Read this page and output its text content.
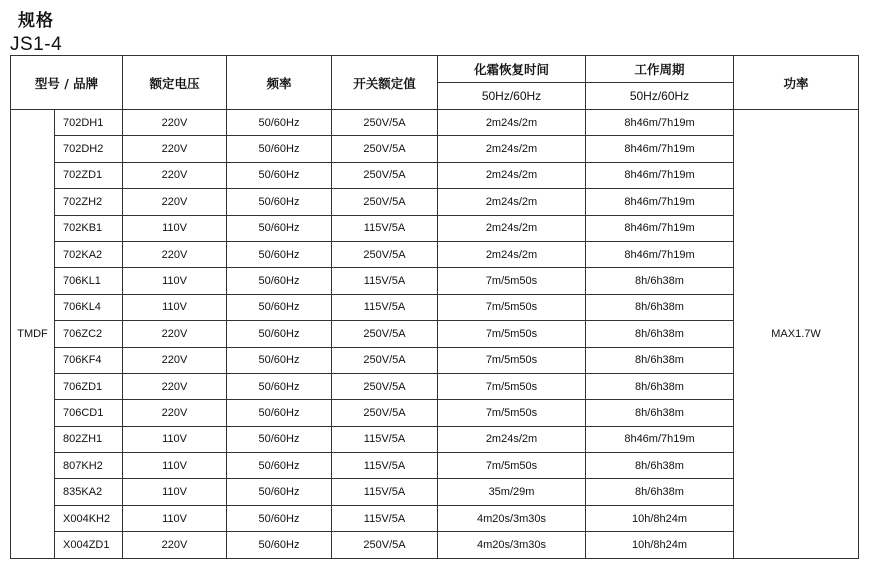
规格
JS1-4
型号 / 品牌		额定电压	频率	开关额定值	化霜恢复时间	工作周期	功率
					50Hz/60Hz	50Hz/60Hz	
TMDF	702DH1	220V	50/60Hz	250V/5A	2m24s/2m	8h46m/7h19m	MAX1.7W
	702DH2	220V	50/60Hz	250V/5A	2m24s/2m	8h46m/7h19m	
	702ZD1	220V	50/60Hz	250V/5A	2m24s/2m	8h46m/7h19m	
	702ZH2	220V	50/60Hz	250V/5A	2m24s/2m	8h46m/7h19m	
	702KB1	110V	50/60Hz	115V/5A	2m24s/2m	8h46m/7h19m	
	702KA2	220V	50/60Hz	250V/5A	2m24s/2m	8h46m/7h19m	
	706KL1	110V	50/60Hz	115V/5A	7m/5m50s	8h/6h38m	
	706KL4	110V	50/60Hz	115V/5A	7m/5m50s	8h/6h38m	
	706ZC2	220V	50/60Hz	250V/5A	7m/5m50s	8h/6h38m	
	706KF4	220V	50/60Hz	250V/5A	7m/5m50s	8h/6h38m	
	706ZD1	220V	50/60Hz	250V/5A	7m/5m50s	8h/6h38m	
	706CD1	220V	50/60Hz	250V/5A	7m/5m50s	8h/6h38m	
	802ZH1	110V	50/60Hz	115V/5A	2m24s/2m	8h46m/7h19m	
	807KH2	110V	50/60Hz	115V/5A	7m/5m50s	8h/6h38m	
	835KA2	110V	50/60Hz	115V/5A	35m/29m	8h/6h38m	
	X004KH2	110V	50/60Hz	115V/5A	4m20s/3m30s	10h/8h24m	
	X004ZD1	220V	50/60Hz	250V/5A	4m20s/3m30s	10h/8h24m	
